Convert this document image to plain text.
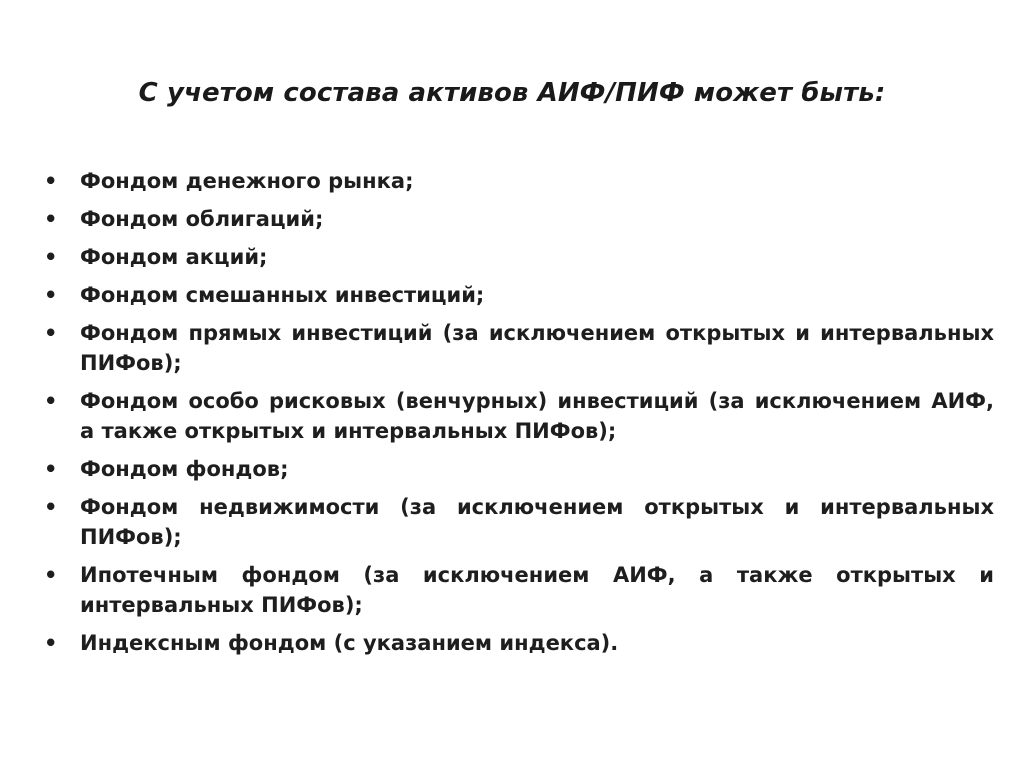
С учетом состава активов АИФ/ПИФ может быть:
•	Фондом денежного рынка;
•	Фондом облигаций;
•	Фондом акций;
•	Фондом смешанных инвестиций;
•	Фондом прямых инвестиций (за исключением открытых и интервальных ПИФов);
•	Фондом особо рисковых (венчурных) инвестиций (за исключением АИФ, а также открытых и интервальных ПИФов);
•	Фондом фондов;
•	Фондом недвижимости (за исключением открытых и интервальных ПИФов);
•	Ипотечным фондом (за исключением АИФ, а также открытых и интервальных ПИФов);
•	Индексным фондом (с указанием индекса).
